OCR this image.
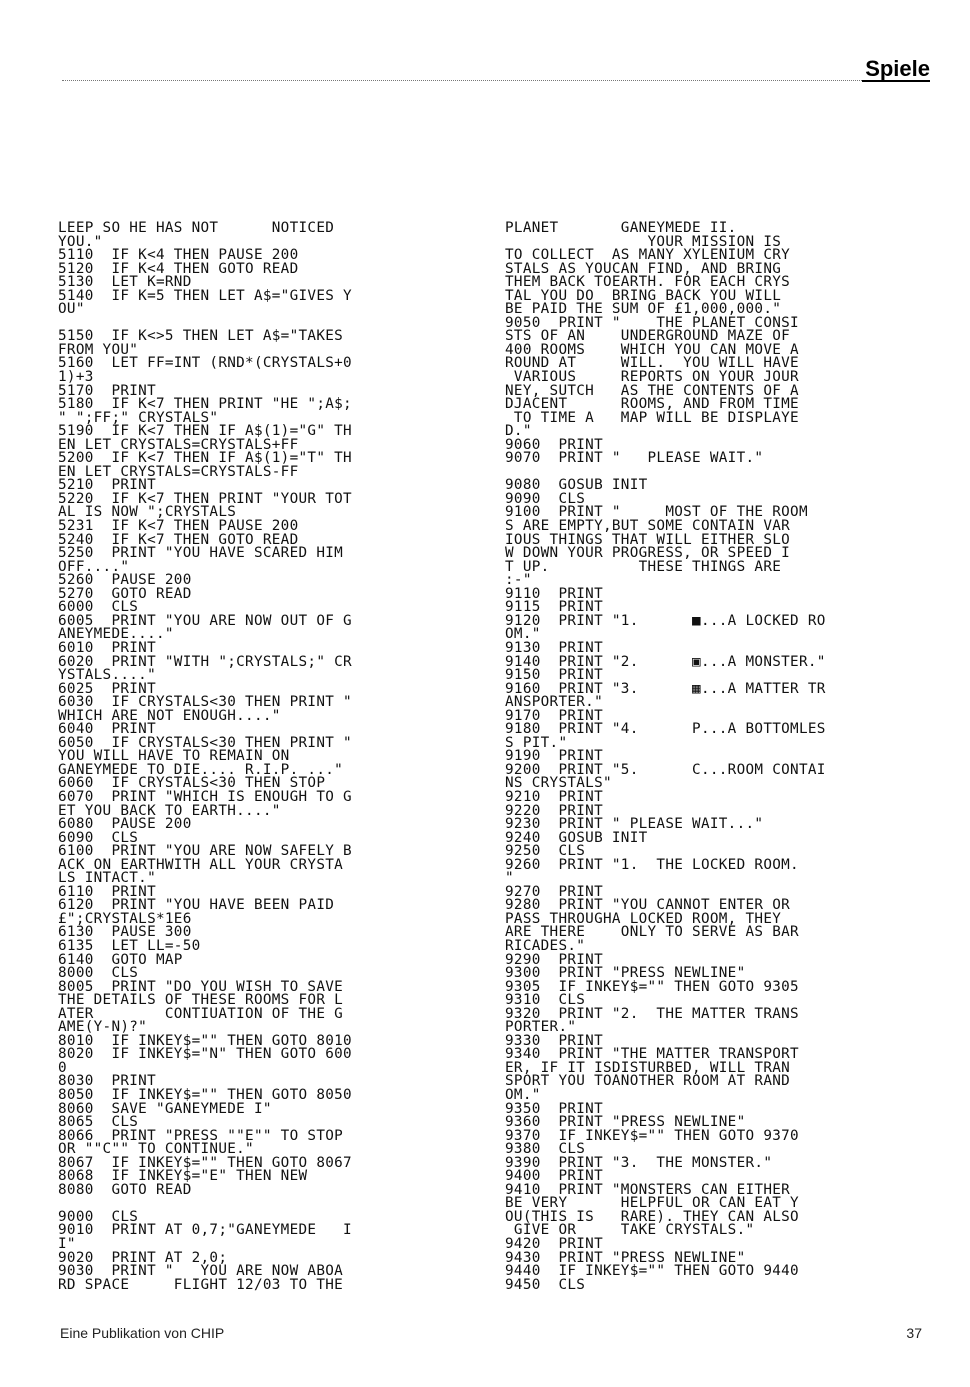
Spiele
LEEP SO HE HAS NOT      NOTICED
YOU."
5110  IF K<4 THEN PAUSE 200
5120  IF K<4 THEN GOTO READ
5130  LET K=RND
5140  IF K=5 THEN LET A$="GIVES Y
OU"
5150  IF K<>5 THEN LET A$="TAKES
FROM YOU"
5160  LET FF=INT (RND*(CRYSTALS+0
1)+3
5170  PRINT
5180  IF K<7 THEN PRINT "HE ";A$;
" ";FF;" CRYSTALS"
5190  IF K<7 THEN IF A$(1)="G" TH
EN LET CRYSTALS=CRYSTALS+FF
5200  IF K<7 THEN IF A$(1)="T" TH
EN LET CRYSTALS=CRYSTALS-FF
5210  PRINT
5220  IF K<7 THEN PRINT "YOUR TOT
AL IS NOW ";CRYSTALS
5231  IF K<7 THEN PAUSE 200
5240  IF K<7 THEN GOTO READ
5250  PRINT "YOU HAVE SCARED HIM
OFF...."
5260  PAUSE 200
5270  GOTO READ
6000  CLS
6005  PRINT "YOU ARE NOW OUT OF G
ANEYMEDE...."
6010  PRINT
6020  PRINT "WITH ";CRYSTALS;" CR
YSTALS...."
6025  PRINT
6030  IF CRYSTALS<30 THEN PRINT "
WHICH ARE NOT ENOUGH...."
6040  PRINT
6050  IF CRYSTALS<30 THEN PRINT "
YOU WILL HAVE TO REMAIN ON
GANEYMEDE TO DIE.... R.I.P. ..."
6060  IF CRYSTALS<30 THEN STOP
6070  PRINT "WHICH IS ENOUGH TO G
ET YOU BACK TO EARTH...."
6080  PAUSE 200
6090  CLS
6100  PRINT "YOU ARE NOW SAFELY B
ACK ON EARTHWITH ALL YOUR CRYSTA
LS INTACT."
6110  PRINT
6120  PRINT "YOU HAVE BEEN PAID
£";CRYSTALS*1E6
6130  PAUSE 300
6135  LET LL=-50
6140  GOTO MAP
8000  CLS
8005  PRINT "DO YOU WISH TO SAVE
THE DETAILS OF THESE ROOMS FOR L
ATER        CONTIUATION OF THE G
AME(Y-N)?"
8010  IF INKEY$="" THEN GOTO 8010
8020  IF INKEY$="N" THEN GOTO 600
0
8030  PRINT
8050  IF INKEY$="" THEN GOTO 8050
8060  SAVE "GANEYMEDE I"
8065  CLS
8066  PRINT "PRESS ""E"" TO STOP
OR ""C"" TO CONTINUE."
8067  IF INKEY$="" THEN GOTO 8067
8068  IF INKEY$="E" THEN NEW
8080  GOTO READ
9000  CLS
9010  PRINT AT 0,7;"GANEYMEDE   I
I"
9020  PRINT AT 2,0;
9030  PRINT "   YOU ARE NOW ABOA
RD SPACE     FLIGHT 12/03 TO THE
PLANET       GANEYMEDE II.
YOUR MISSION IS
TO COLLECT  AS MANY XYLENIUM CRY
STALS AS YOUCAN FIND, AND BRING
THEM BACK TOEARTH. FOR EACH CRYS
TAL YOU DO  BRING BACK YOU WILL
BE PAID THE SUM OF £1,000,000."
9050  PRINT "    THE PLANET CONSI
STS OF AN    UNDERGROUND MAZE OF
400 ROOMS    WHICH YOU CAN MOVE A
ROUND AT     WILL.  YOU WILL HAVE
VARIOUS     REPORTS ON YOUR JOUR
NEY, SUTCH   AS THE CONTENTS OF A
DJACENT      ROOMS, AND FROM TIME
TO TIME A   MAP WILL BE DISPLAYE
D."
9060  PRINT
9070  PRINT "   PLEASE WAIT."
9080  GOSUB INIT
9090  CLS
9100  PRINT "     MOST OF THE ROOM
S ARE EMPTY,BUT SOME CONTAIN VAR
IOUS THINGS THAT WILL EITHER SLO
W DOWN YOUR PROGRESS, OR SPEED I
T UP.          THESE THINGS ARE
:-"
9110  PRINT
9115  PRINT
9120  PRINT "1.      ■...A LOCKED RO
OM."
9130  PRINT
9140  PRINT "2.      ▣...A MONSTER."
9150  PRINT
9160  PRINT "3.      ▦...A MATTER TR
ANSPORTER."
9170  PRINT
9180  PRINT "4.      P...A BOTTOMLES
S PIT."
9190  PRINT
9200  PRINT "5.      C...ROOM CONTAI
NS CRYSTALS"
9210  PRINT
9220  PRINT
9230  PRINT " PLEASE WAIT..."
9240  GOSUB INIT
9250  CLS
9260  PRINT "1.  THE LOCKED ROOM.
"
9270  PRINT
9280  PRINT "YOU CANNOT ENTER OR
PASS THROUGHA LOCKED ROOM, THEY
ARE THERE    ONLY TO SERVE AS BAR
RICADES."
9290  PRINT
9300  PRINT "PRESS NEWLINE"
9305  IF INKEY$="" THEN GOTO 9305
9310  CLS
9320  PRINT "2.  THE MATTER TRANS
PORTER."
9330  PRINT
9340  PRINT "THE MATTER TRANSPORT
ER, IF IT ISDISTURBED, WILL TRAN
SPORT YOU TOANOTHER ROOM AT RAND
OM."
9350  PRINT
9360  PRINT "PRESS NEWLINE"
9370  IF INKEY$="" THEN GOTO 9370
9380  CLS
9390  PRINT "3.  THE MONSTER."
9400  PRINT
9410  PRINT "MONSTERS CAN EITHER
BE VERY      HELPFUL OR CAN EAT Y
OU(THIS IS   RARE). THEY CAN ALSO
GIVE OR     TAKE CRYSTALS."
9420  PRINT
9430  PRINT "PRESS NEWLINE"
9440  IF INKEY$="" THEN GOTO 9440
9450  CLS
Eine Publikation von CHIP	37
